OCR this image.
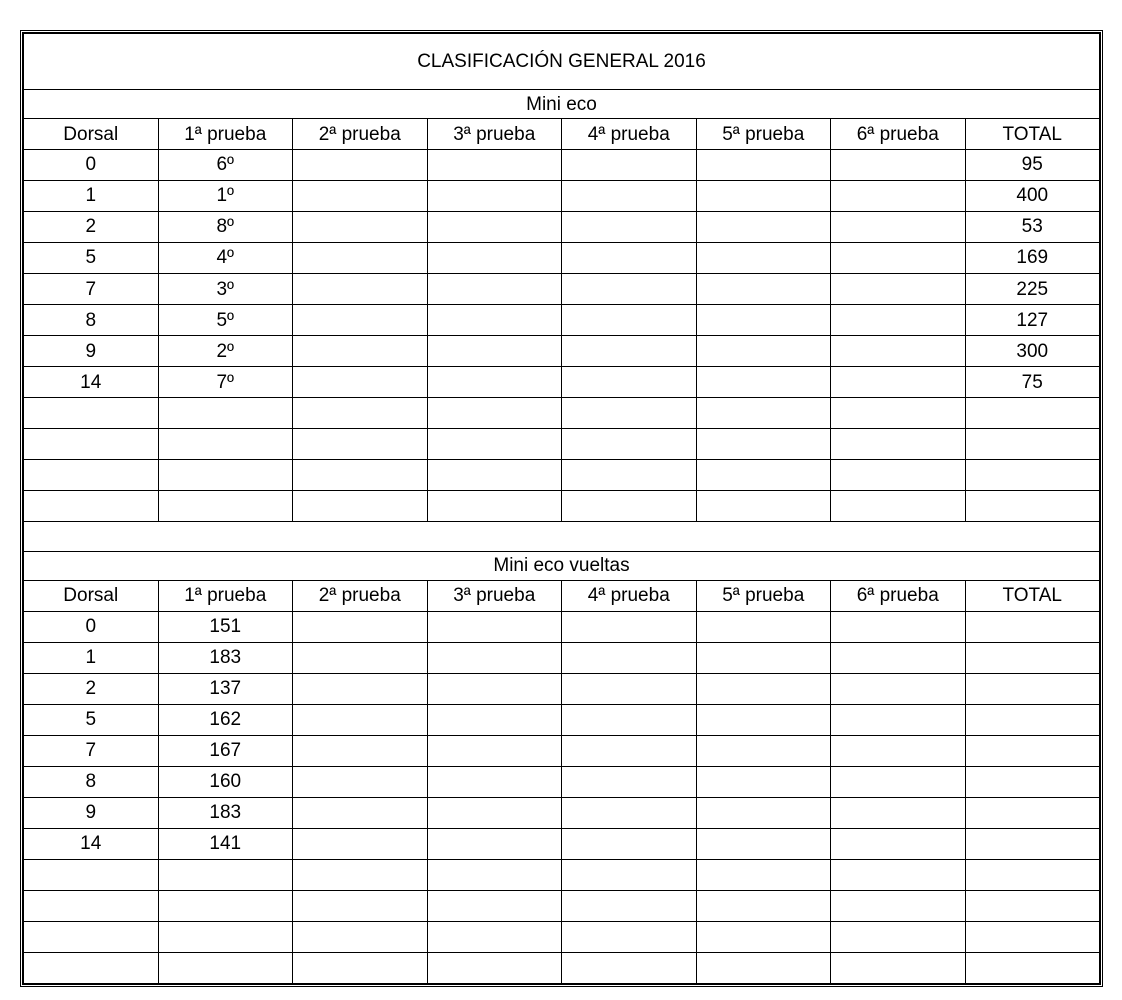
CLASIFICACIÓN GENERAL 2016							
Mini eco							
Dorsal	1ª prueba	2ª prueba	3ª prueba	4ª prueba	5ª prueba	6ª prueba	TOTAL
0	6º						95
1	1º						400
2	8º						53
5	4º						169
7	3º						225
8	5º						127
9	2º						300
14	7º						75

Mini eco vueltas							
Dorsal	1ª prueba	2ª prueba	3ª prueba	4ª prueba	5ª prueba	6ª prueba	TOTAL
0	151						
1	183						
2	137						
5	162						
7	167						
8	160						
9	183						
14	141						
